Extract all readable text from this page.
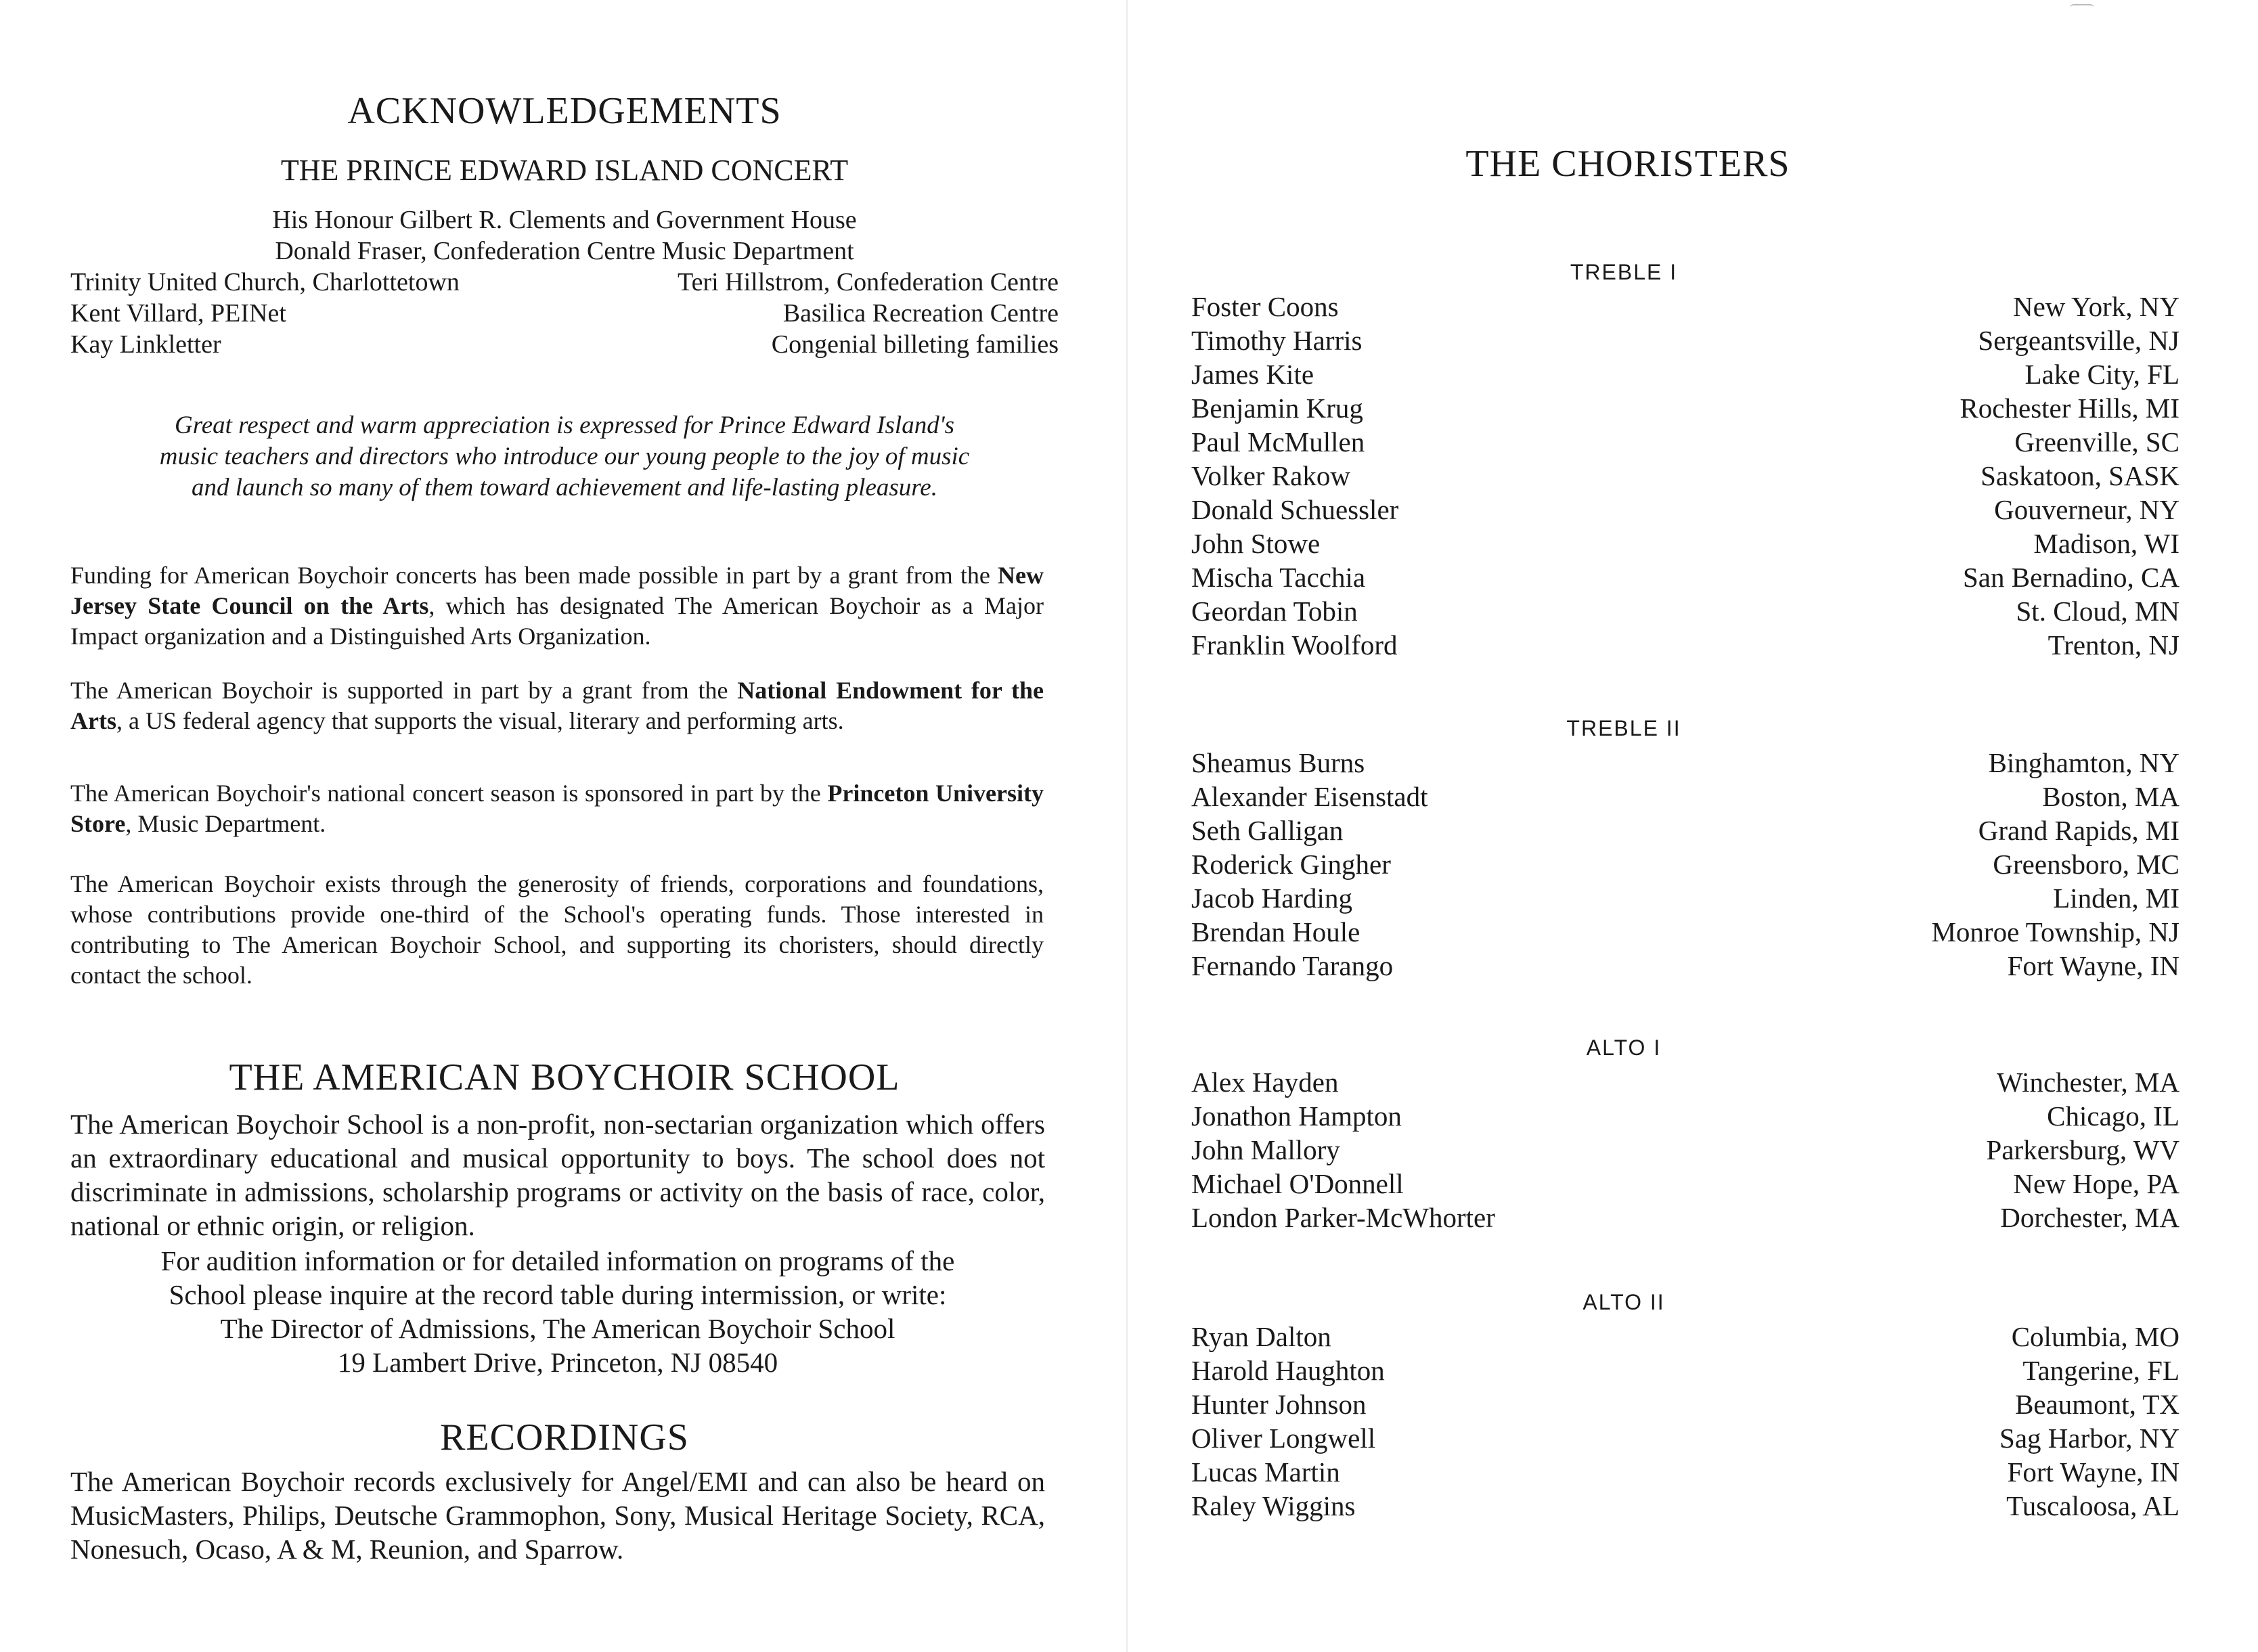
ACKNOWLEDGEMENTS
THE PRINCE EDWARD ISLAND CONCERT
His Honour Gilbert R. Clements and Government House
Donald Fraser, Confederation Centre Music Department
Trinity United Church, Charlottetown	Teri Hillstrom, Confederation Centre
Kent Villard, PEINet	Basilica Recreation Centre
Kay Linkletter	Congenial billeting families
Great respect and warm appreciation is expressed for Prince Edward Island's
music teachers and directors who introduce our young people to the joy of music
and launch so many of them toward achievement and life-lasting pleasure.

Funding for American Boychoir concerts has been made possible in part by a grant from the New Jersey State Council on the Arts, which has designated The American Boychoir as a Major Impact organization and a Distinguished Arts Organization.

The American Boychoir is supported in part by a grant from the National Endowment for the Arts, a US federal agency that supports the visual, literary and performing arts.

The American Boychoir's national concert season is sponsored in part by the Princeton University Store, Music Department.

The American Boychoir exists through the generosity of friends, corporations and foundations, whose contributions provide one-third of the School's operating funds. Those interested in contributing to The American Boychoir School, and supporting its choristers, should directly contact the school.

THE AMERICAN BOYCHOIR SCHOOL

The American Boychoir School is a non-profit, non-sectarian organization which offers an extraordinary educational and musical opportunity to boys. The school does not discriminate in admissions, scholarship programs or activity on the basis of race, color, national or ethnic origin, or religion.

For audition information or for detailed information on programs of the
School please inquire at the record table during intermission, or write:
The Director of Admissions, The American Boychoir School
19 Lambert Drive, Princeton, NJ 08540
RECORDINGS

The American Boychoir records exclusively for Angel/EMI and can also be heard on MusicMasters, Philips, Deutsche Grammophon, Sony, Musical Heritage Society, RCA, Nonesuch, Ocaso, A & M, Reunion, and Sparrow.

THE CHORISTERS
TREBLE I
Foster Coons	New York, NY
Timothy Harris	Sergeantsville, NJ
James Kite	Lake City, FL
Benjamin Krug	Rochester Hills, MI
Paul McMullen	Greenville, SC
Volker Rakow	Saskatoon, SASK
Donald Schuessler	Gouverneur, NY
John Stowe	Madison, WI
Mischa Tacchia	San Bernadino, CA
Geordan Tobin	St. Cloud, MN
Franklin Woolford	Trenton, NJ
TREBLE II
Sheamus Burns	Binghamton, NY
Alexander Eisenstadt	Boston, MA
Seth Galligan	Grand Rapids, MI
Roderick Gingher	Greensboro, MC
Jacob Harding	Linden, MI
Brendan Houle	Monroe Township, NJ
Fernando Tarango	Fort Wayne, IN
ALTO I
Alex Hayden	Winchester, MA
Jonathon Hampton	Chicago, IL
John Mallory	Parkersburg, WV
Michael O'Donnell	New Hope, PA
London Parker-McWhorter	Dorchester, MA
ALTO II
Ryan Dalton	Columbia, MO
Harold Haughton	Tangerine, FL
Hunter Johnson	Beaumont, TX
Oliver Longwell	Sag Harbor, NY
Lucas Martin	Fort Wayne, IN
Raley Wiggins	Tuscaloosa, AL
